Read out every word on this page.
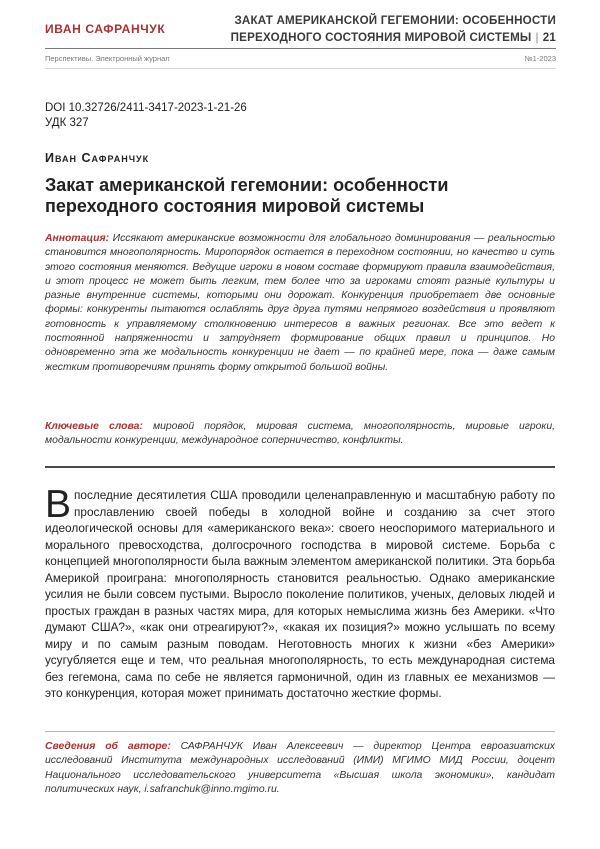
ИВАН САФРАНЧУК
ЗАКАТ АМЕРИКАНСКОЙ ГЕГЕМОНИИ: ОСОБЕННОСТИ
ПЕРЕХОДНОГО СОСТОЯНИЯ МИРОВОЙ СИСТЕМЫ | 21
Перспективы. Электронный журнал	№1-2023
DOI 10.32726/2411-3417-2023-1-21-26
УДК 327
Иван Сафранчук
Закат американской гегемонии: особенности переходного состояния мировой системы

Аннотация: Иссякают американские возможности для глобального доминирования — реальностью становится многополярность. Миропорядок остается в переходном состоянии, но качество и суть этого состояния меняются. Ведущие игроки в новом составе формируют правила взаимодействия, и этот процесс не может быть легким, тем более что за игроками стоят разные культуры и разные внутренние системы, которыми они дорожат. Конкуренция приобретает две основные формы: конкуренты пытаются ослаблять друг друга путями непрямого воздействия и проявляют готовность к управляемому столкновению интересов в важных регионах. Все это ведет к постоянной напряженности и затрудняет формирование общих правил и принципов. Но одновременно эта же модальность конкуренции не дает — по крайней мере, пока — даже самым жестким противоречиям принять форму открытой большой войны.

Ключевые слова: мировой порядок, мировая система, многополярность, мировые игроки, модальности конкуренции, международное соперничество, конфликты.

Впоследние десятилетия США проводили целенаправленную и масштабную работу по прославлению своей победы в холодной войне и созданию за счет этого идеологической основы для «американского века»: своего неоспоримого материального и морального превосходства, долгосрочного господства в мировой системе. Борьба с концепцией многополярности была важным элементом американской политики. Эта борьба Америкой проиграна: многополярность становится реальностью. Однако американские усилия не были совсем пустыми. Выросло поколение политиков, ученых, деловых людей и простых граждан в разных частях мира, для которых немыслима жизнь без Америки. «Что думают США?», «как они отреагируют?», «какая их позиция?» можно услышать по всему миру и по самым разным поводам. Неготовность многих к жизни «без Америки» усугубляется еще и тем, что реальная многополярность, то есть международная система без гегемона, сама по себе не является гармоничной, один из главных ее механизмов — это конкуренция, которая может принимать достаточно жесткие формы.

Сведения об авторе: САФРАНЧУК Иван Алексеевич — директор Центра евроазиатских исследований Института международных исследований (ИМИ) МГИМО МИД России, доцент Национального исследовательского университета «Высшая школа экономики», кандидат политических наук, i.safranchuk@inno.mgimo.ru.
